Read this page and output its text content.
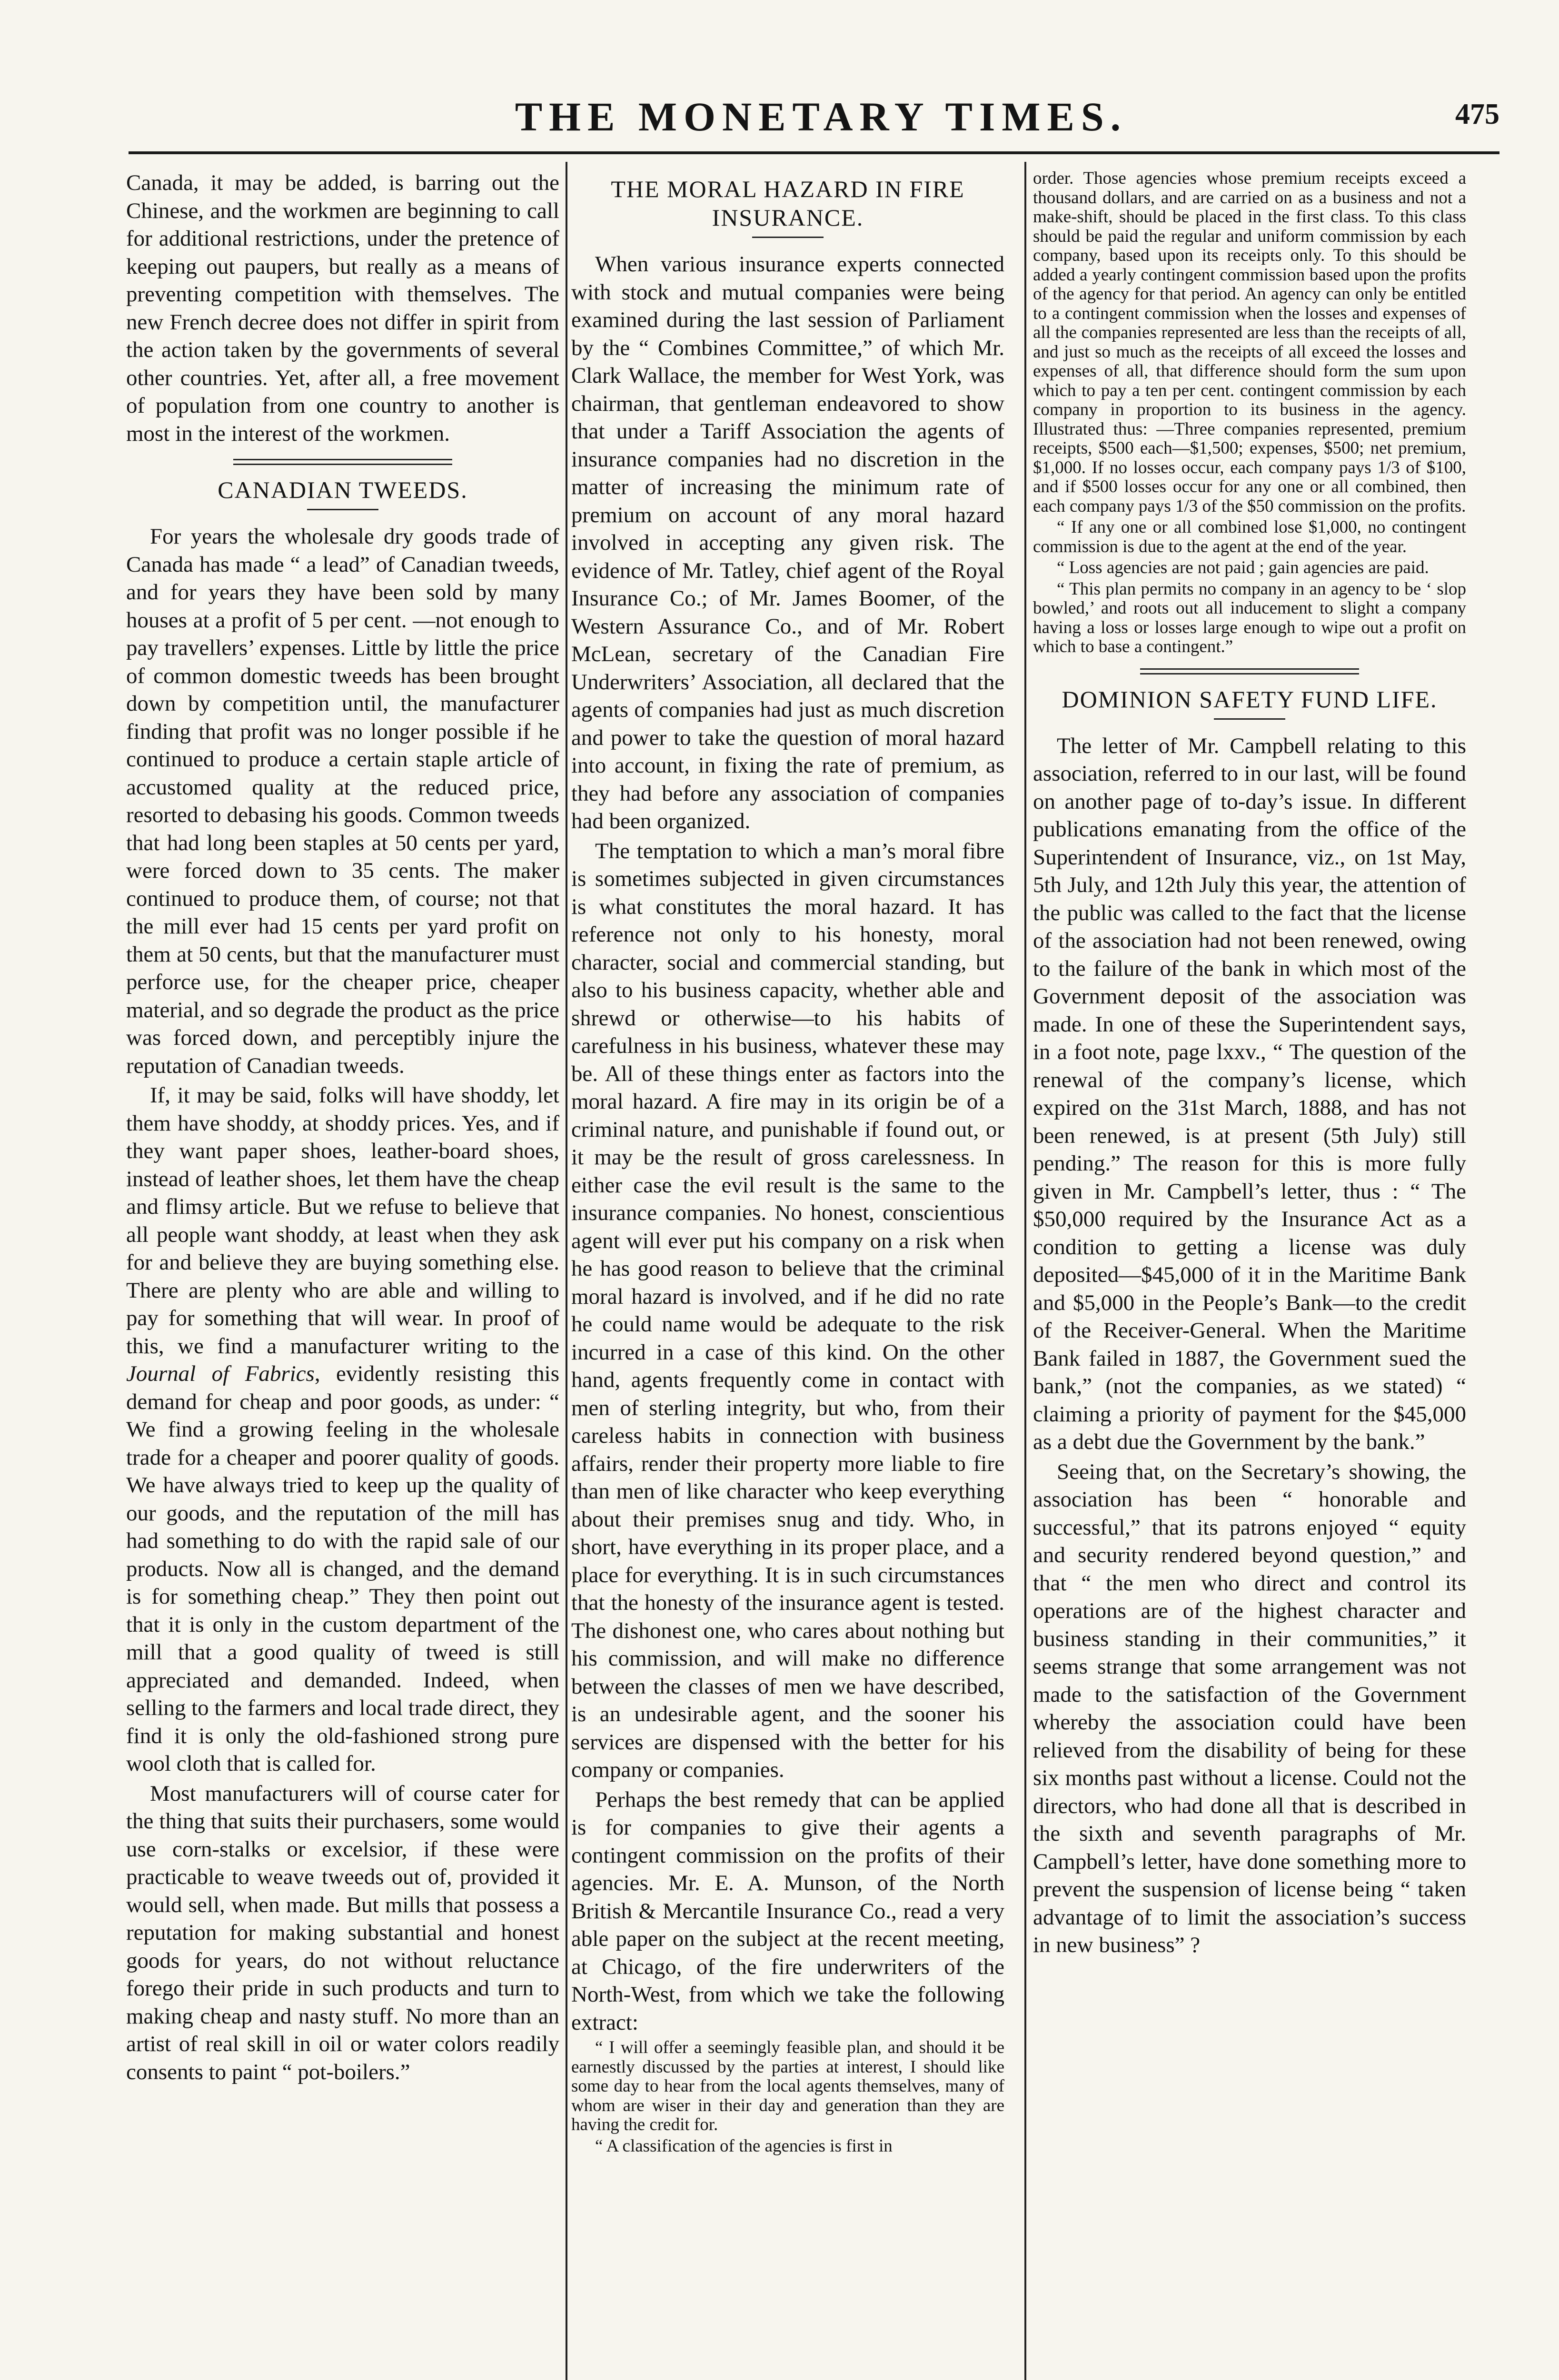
THE MONETARY TIMES.	475

Canada, it may be added, is barring out the Chinese, and the workmen are beginning to call for additional restrictions, under the pretence of keeping out paupers, but really as a means of preventing competition with themselves. The new French decree does not differ in spirit from the action taken by the governments of several other countries. Yet, after all, a free movement of population from one country to another is most in the interest of the workmen.

CANADIAN TWEEDS.

For years the wholesale dry goods trade of Canada has made “ a lead” of Canadian tweeds, and for years they have been sold by many houses at a profit of 5 per cent. —not enough to pay travellers’ expenses. Little by little the price of common domestic tweeds has been brought down by competition until, the manufacturer finding that profit was no longer possible if he continued to produce a certain staple article of accustomed quality at the reduced price, resorted to debasing his goods. Common tweeds that had long been staples at 50 cents per yard, were forced down to 35 cents. The maker continued to produce them, of course; not that the mill ever had 15 cents per yard profit on them at 50 cents, but that the manufacturer must perforce use, for the cheaper price, cheaper material, and so degrade the product as the price was forced down, and perceptibly injure the reputation of Canadian tweeds.

If, it may be said, folks will have shoddy, let them have shoddy, at shoddy prices. Yes, and if they want paper shoes, leather-board shoes, instead of leather shoes, let them have the cheap and flimsy article. But we refuse to believe that all people want shoddy, at least when they ask for and believe they are buying something else. There are plenty who are able and willing to pay for something that will wear. In proof of this, we find a manufacturer writing to the Journal of Fabrics, evidently resisting this demand for cheap and poor goods, as under: “ We find a growing feeling in the wholesale trade for a cheaper and poorer quality of goods. We have always tried to keep up the quality of our goods, and the reputation of the mill has had something to do with the rapid sale of our products. Now all is changed, and the demand is for something cheap.” They then point out that it is only in the custom department of the mill that a good quality of tweed is still appreciated and demanded. Indeed, when selling to the farmers and local trade direct, they find it is only the old-fashioned strong pure wool cloth that is called for.

Most manufacturers will of course cater for the thing that suits their purchasers, some would use corn-stalks or excelsior, if these were practicable to weave tweeds out of, provided it would sell, when made. But mills that possess a reputation for making substantial and honest goods for years, do not without reluctance forego their pride in such products and turn to making cheap and nasty stuff. No more than an artist of real skill in oil or water colors readily consents to paint “ pot-boilers.”

THE MORAL HAZARD IN FIRE INSURANCE.

When various insurance experts connected with stock and mutual companies were being examined during the last session of Parliament by the “ Combines Committee,” of which Mr. Clark Wallace, the member for West York, was chairman, that gentleman endeavored to show that under a Tariff Association the agents of insurance companies had no discretion in the matter of increasing the minimum rate of premium on account of any moral hazard involved in accepting any given risk. The evidence of Mr. Tatley, chief agent of the Royal Insurance Co.; of Mr. James Boomer, of the Western Assurance Co., and of Mr. Robert McLean, secretary of the Canadian Fire Underwriters’ Association, all declared that the agents of companies had just as much discretion and power to take the question of moral hazard into account, in fixing the rate of premium, as they had before any association of companies had been organized.

The temptation to which a man’s moral fibre is sometimes subjected in given circumstances is what constitutes the moral hazard. It has reference not only to his honesty, moral character, social and commercial standing, but also to his business capacity, whether able and shrewd or otherwise—to his habits of carefulness in his business, whatever these may be. All of these things enter as factors into the moral hazard. A fire may in its origin be of a criminal nature, and punishable if found out, or it may be the result of gross carelessness. In either case the evil result is the same to the insurance companies. No honest, conscientious agent will ever put his company on a risk when he has good reason to believe that the criminal moral hazard is involved, and if he did no rate he could name would be adequate to the risk incurred in a case of this kind. On the other hand, agents frequently come in contact with men of sterling integrity, but who, from their careless habits in connection with business affairs, render their property more liable to fire than men of like character who keep everything about their premises snug and tidy. Who, in short, have everything in its proper place, and a place for everything. It is in such circumstances that the honesty of the insurance agent is tested. The dishonest one, who cares about nothing but his commission, and will make no difference between the classes of men we have described, is an undesirable agent, and the sooner his services are dispensed with the better for his company or companies.

Perhaps the best remedy that can be applied is for companies to give their agents a contingent commission on the profits of their agencies. Mr. E. A. Munson, of the North British & Mercantile Insurance Co., read a very able paper on the subject at the recent meeting, at Chicago, of the fire underwriters of the North-West, from which we take the following extract:

“ I will offer a seemingly feasible plan, and should it be earnestly discussed by the parties at interest, I should like some day to hear from the local agents themselves, many of whom are wiser in their day and generation than they are having the credit for.

“ A classification of the agencies is first in

order. Those agencies whose premium receipts exceed a thousand dollars, and are carried on as a business and not a make-shift, should be placed in the first class. To this class should be paid the regular and uniform commission by each company, based upon its receipts only. To this should be added a yearly contingent commission based upon the profits of the agency for that period. An agency can only be entitled to a contingent commission when the losses and expenses of all the companies represented are less than the receipts of all, and just so much as the receipts of all exceed the losses and expenses of all, that difference should form the sum upon which to pay a ten per cent. contingent commission by each company in proportion to its business in the agency. Illustrated thus: —Three companies represented, premium receipts, $500 each—$1,500; expenses, $500; net premium, $1,000. If no losses occur, each company pays 1/3 of $100, and if $500 losses occur for any one or all combined, then each company pays 1/3 of the $50 commission on the profits.

“ If any one or all combined lose $1,000, no contingent commission is due to the agent at the end of the year.

“ Loss agencies are not paid ; gain agencies are paid.

“ This plan permits no company in an agency to be ‘ slop bowled,’ and roots out all inducement to slight a company having a loss or losses large enough to wipe out a profit on which to base a contingent.”

DOMINION SAFETY FUND LIFE.

The letter of Mr. Campbell relating to this association, referred to in our last, will be found on another page of to-day’s issue. In different publications emanating from the office of the Superintendent of Insurance, viz., on 1st May, 5th July, and 12th July this year, the attention of the public was called to the fact that the license of the association had not been renewed, owing to the failure of the bank in which most of the Government deposit of the association was made. In one of these the Superintendent says, in a foot note, page lxxv., “ The question of the renewal of the company’s license, which expired on the 31st March, 1888, and has not been renewed, is at present (5th July) still pending.” The reason for this is more fully given in Mr. Campbell’s letter, thus : “ The $50,000 required by the Insurance Act as a condition to getting a license was duly deposited—$45,000 of it in the Maritime Bank and $5,000 in the People’s Bank—to the credit of the Receiver-General. When the Maritime Bank failed in 1887, the Government sued the bank,” (not the companies, as we stated) “ claiming a priority of payment for the $45,000 as a debt due the Government by the bank.”

Seeing that, on the Secretary’s showing, the association has been “ honorable and successful,” that its patrons enjoyed “ equity and security rendered beyond question,” and that “ the men who direct and control its operations are of the highest character and business standing in their communities,” it seems strange that some arrangement was not made to the satisfaction of the Government whereby the association could have been relieved from the disability of being for these six months past without a license. Could not the directors, who had done all that is described in the sixth and seventh paragraphs of Mr. Campbell’s letter, have done something more to prevent the suspension of license being “ taken advantage of to limit the association’s success in new business” ?
